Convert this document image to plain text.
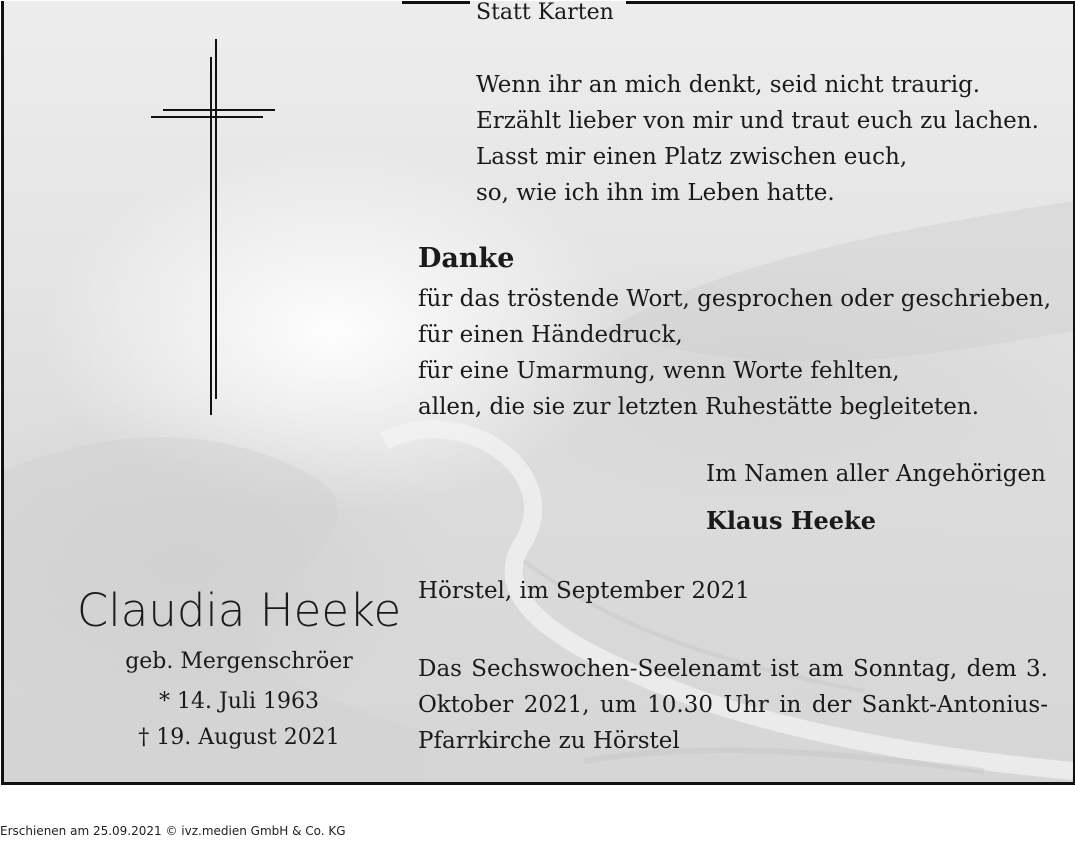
Statt Karten
Wenn ihr an mich denkt, seid nicht traurig.
Erzählt lieber von mir und traut euch zu lachen.
Lasst mir einen Platz zwischen euch,
so, wie ich ihn im Leben hatte.
Danke
für das tröstende Wort, gesprochen oder geschrieben,
für einen Händedruck,
für eine Umarmung, wenn Worte fehlten,
allen, die sie zur letzten Ruhestätte begleiteten.
Im Namen aller Angehörigen
Klaus Heeke
Hörstel, im September 2021
Das Sechswochen-Seelenamt ist am Sonntag, dem 3. Oktober 2021, um 10.30 Uhr in der Sankt-Antonius-Pfarrkirche zu Hörstel
Claudia Heeke
geb. Mergenschröer
* 14. Juli 1963
† 19. August 2021
Erschienen am 25.09.2021 © ivz.medien GmbH & Co. KG
